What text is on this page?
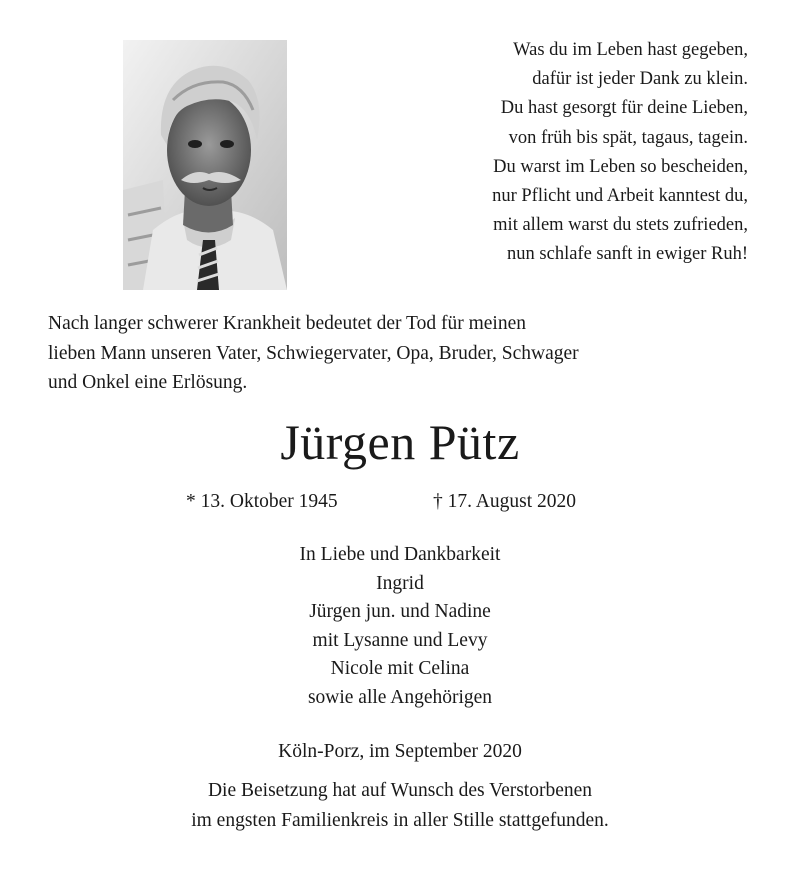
Was du im Leben hast gegeben,
dafür ist jeder Dank zu klein.
Du hast gesorgt für deine Lieben,
von früh bis spät, tagaus, tagein.
Du warst im Leben so bescheiden,
nur Pflicht und Arbeit kanntest du,
mit allem warst du stets zufrieden,
nun schlafe sanft in ewiger Ruh!
Nach langer schwerer Krankheit bedeutet der Tod für meinen
lieben Mann unseren Vater, Schwiegervater, Opa, Bruder, Schwager
und Onkel eine Erlösung.
Jürgen Pütz
* 13. Oktober 1945	† 17. August 2020
In Liebe und Dankbarkeit
Ingrid
Jürgen jun. und Nadine
mit Lysanne und Levy
Nicole mit Celina
sowie alle Angehörigen
Köln-Porz, im September 2020
Die Beisetzung hat auf Wunsch des Verstorbenen
im engsten Familienkreis in aller Stille stattgefunden.
